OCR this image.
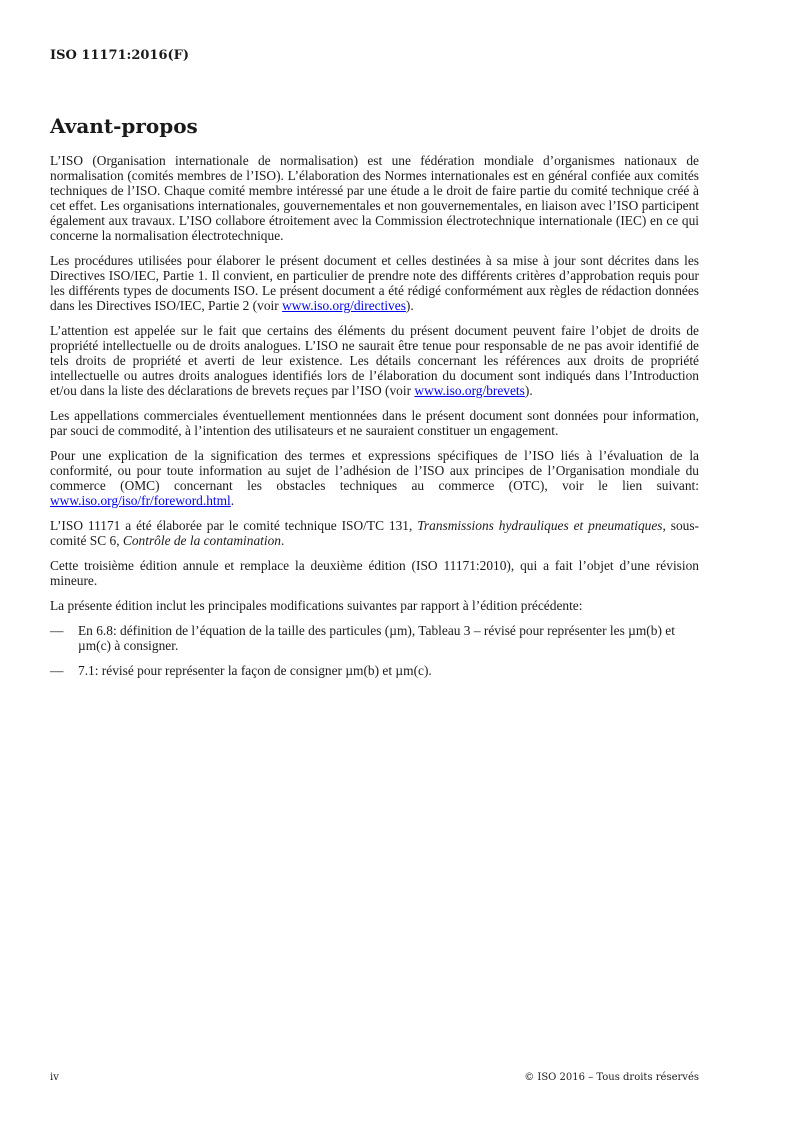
ISO 11171:2016(F)
Avant-propos

L’ISO (Organisation internationale de normalisation) est une fédération mondiale d’organismes nationaux de normalisation (comités membres de l’ISO). L’élaboration des Normes internationales est en général confiée aux comités techniques de l’ISO. Chaque comité membre intéressé par une étude a le droit de faire partie du comité technique créé à cet effet. Les organisations internationales, gouvernementales et non gouvernementales, en liaison avec l’ISO participent également aux travaux. L’ISO collabore étroitement avec la Commission électrotechnique internationale (IEC) en ce qui concerne la normalisation électrotechnique.

Les procédures utilisées pour élaborer le présent document et celles destinées à sa mise à jour sont décrites dans les Directives ISO/IEC, Partie 1. Il convient, en particulier de prendre note des différents critères d’approbation requis pour les différents types de documents ISO. Le présent document a été rédigé conformément aux règles de rédaction données dans les Directives ISO/IEC, Partie 2 (voir www.iso.org/directives).

L’attention est appelée sur le fait que certains des éléments du présent document peuvent faire l’objet de droits de propriété intellectuelle ou de droits analogues. L’ISO ne saurait être tenue pour responsable de ne pas avoir identifié de tels droits de propriété et averti de leur existence. Les détails concernant les références aux droits de propriété intellectuelle ou autres droits analogues identifiés lors de l’élaboration du document sont indiqués dans l’Introduction et/ou dans la liste des déclarations de brevets reçues par l’ISO (voir www.iso.org/brevets).

Les appellations commerciales éventuellement mentionnées dans le présent document sont données pour information, par souci de commodité, à l’intention des utilisateurs et ne sauraient constituer un engagement.

Pour une explication de la signification des termes et expressions spécifiques de l’ISO liés à l’évaluation de la conformité, ou pour toute information au sujet de l’adhésion de l’ISO aux principes de l’Organisation mondiale du commerce (OMC) concernant les obstacles techniques au commerce (OTC), voir le lien suivant: www.iso.org/iso/fr/foreword.html.

L’ISO 11171 a été élaborée par le comité technique ISO/TC 131, Transmissions hydrauliques et pneumatiques, sous-comité SC 6, Contrôle de la contamination.

Cette troisième édition annule et remplace la deuxième édition (ISO 11171:2010), qui a fait l’objet d’une révision mineure.

La présente édition inclut les principales modifications suivantes par rapport à l’édition précédente:

— En 6.8: définition de l’équation de la taille des particules (µm), Tableau 3 – révisé pour représenter les µm(b) et µm(c) à consigner.
— 7.1: révisé pour représenter la façon de consigner µm(b) et µm(c).
iv	© ISO 2016 – Tous droits réservés
